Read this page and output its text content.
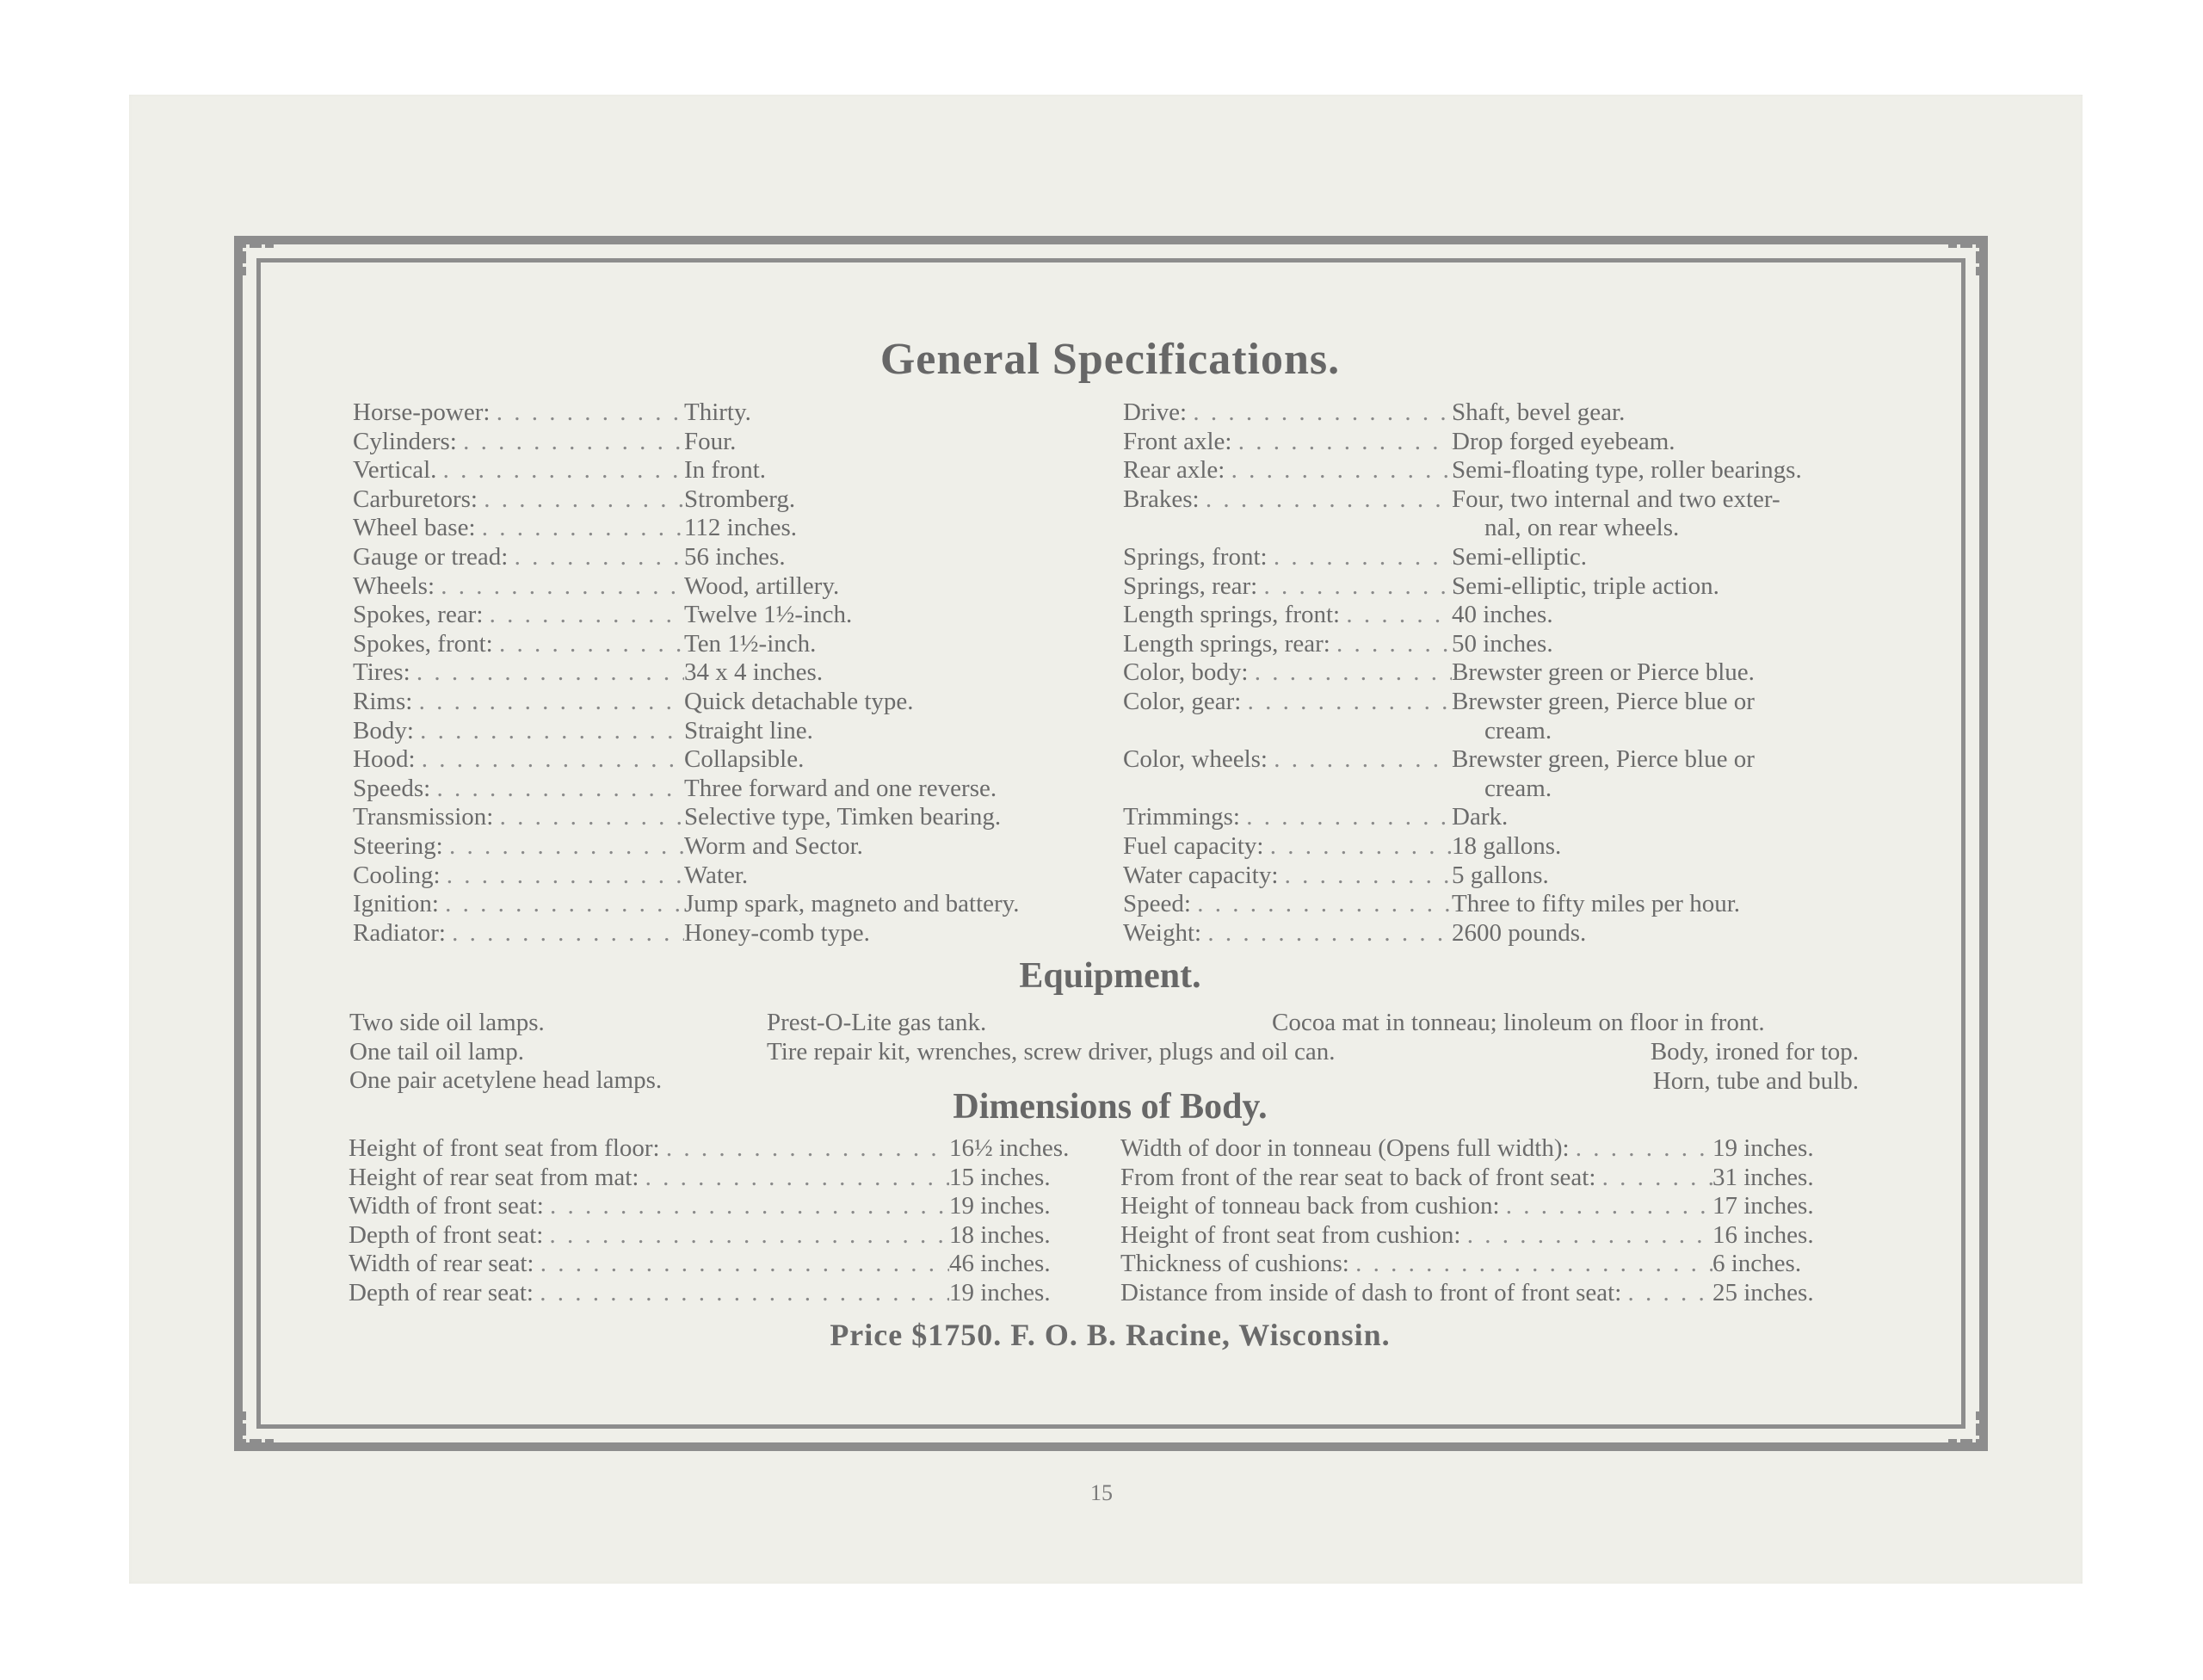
General Specifications.
Horse-power: . . .	Thirty.
Cylinders: . . .	Four.
Vertical. . . .	In front.
Carburetors: . . .	Stromberg.
Wheel base: . . .	112 inches.
Gauge or tread: . . .	56 inches.
Wheels: . . .	Wood, artillery.
Spokes, rear: . . .	Twelve 1½-inch.
Spokes, front: . . .	Ten 1½-inch.
Tires: . . .	34 x 4 inches.
Rims: . . .	Quick detachable type.
Body: . . .	Straight line.
Hood: . . .	Collapsible.
Speeds: . . .	Three forward and one reverse.
Transmission: . . .	Selective type, Timken bearing.
Steering: . . .	Worm and Sector.
Cooling: . . .	Water.
Ignition: . . .	Jump spark, magneto and battery.
Radiator: . . .	Honey-comb type.
Drive: . . .	Shaft, bevel gear.
Front axle: . . .	Drop forged eyebeam.
Rear axle: . . .	Semi-floating type, roller bearings.
Brakes: . . .	Four, two internal and two exter-
nal, on rear wheels.
Springs, front: . . .	Semi-elliptic.
Springs, rear: . . .	Semi-elliptic, triple action.
Length springs, front: . . .	40 inches.
Length springs, rear: . . .	50 inches.
Color, body: . . .	Brewster green or Pierce blue.
Color, gear: . . .	Brewster green, Pierce blue or
cream.
Color, wheels: . . .	Brewster green, Pierce blue or
cream.
Trimmings: . . .	Dark.
Fuel capacity: . . .	18 gallons.
Water capacity: . . .	5 gallons.
Speed: . . .	Three to fifty miles per hour.
Weight: . . .	2600 pounds.
Equipment.
Two side oil lamps.
One tail oil lamp.
One pair acetylene head lamps.
Prest-O-Lite gas tank.
Tire repair kit, wrenches, screw driver, plugs and oil can.
Cocoa mat in tonneau; linoleum on floor in front.
Body, ironed for top.
Horn, tube and bulb.
Dimensions of Body.
Height of front seat from floor: . . .	16½ inches.
Height of rear seat from mat: . . .	15 inches.
Width of front seat: . . .	19 inches.
Depth of front seat: . . .	18 inches.
Width of rear seat: . . .	46 inches.
Depth of rear seat: . . .	19 inches.
Width of door in tonneau (Opens full width): . . .	19 inches.
From front of the rear seat to back of front seat: . . .	31 inches.
Height of tonneau back from cushion: . . .	17 inches.
Height of front seat from cushion: . . .	16 inches.
Thickness of cushions: . . .	6 inches.
Distance from inside of dash to front of front seat: . . .	25 inches.
Price $1750. F. O. B. Racine, Wisconsin.
15
